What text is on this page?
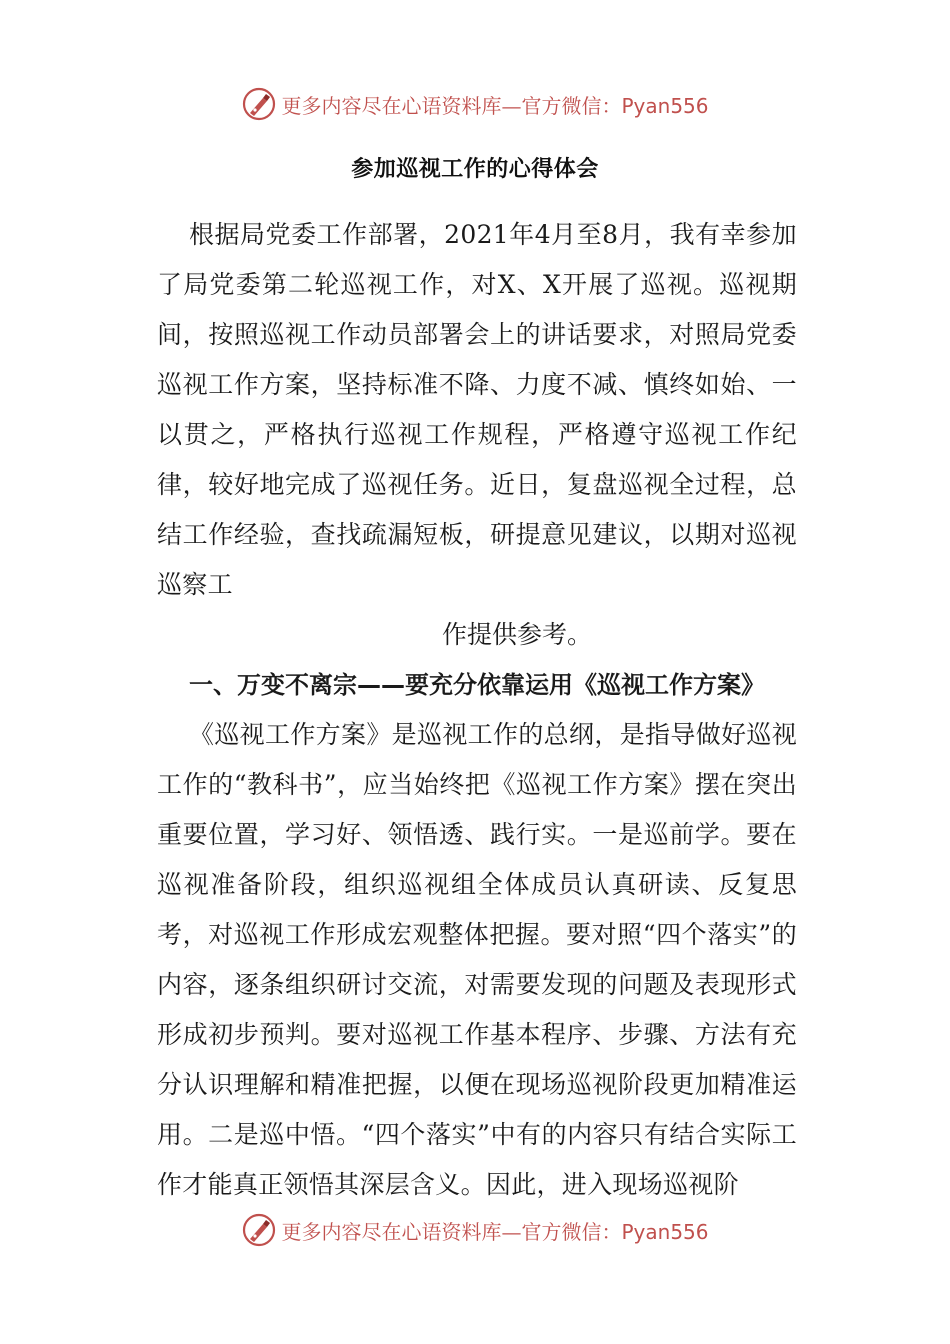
更多内容尽在心语资料库—官方微信：Pyan556
参加巡视工作的心得体会

根据局党委工作部署，2021年4月至8月，我有幸参加了局党委第二轮巡视工作，对X、X开展了巡视。巡视期间，按照巡视工作动员部署会上的讲话要求，对照局党委巡视工作方案，坚持标准不降、力度不减、慎终如始、一以贯之，严格执行巡视工作规程，严格遵守巡视工作纪律，较好地完成了巡视任务。近日，复盘巡视全过程，总结工作经验，查找疏漏短板，研提意见建议，以期对巡视巡察工

作提供参考。

一、万变不离宗——要充分依靠运用《巡视工作方案》

《巡视工作方案》是巡视工作的总纲，是指导做好巡视工作的“教科书”，应当始终把《巡视工作方案》摆在突出重要位置，学习好、领悟透、践行实。一是巡前学。要在巡视准备阶段，组织巡视组全体成员认真研读、反复思考，对巡视工作形成宏观整体把握。要对照“四个落实”的内容，逐条组织研讨交流，对需要发现的问题及表现形式形成初步预判。要对巡视工作基本程序、步骤、方法有充分认识理解和精准把握，以便在现场巡视阶段更加精准运用。二是巡中悟。“四个落实”中有的内容只有结合实际工作才能真正领悟其深层含义。因此，进入现场巡视阶

更多内容尽在心语资料库—官方微信：Pyan556
